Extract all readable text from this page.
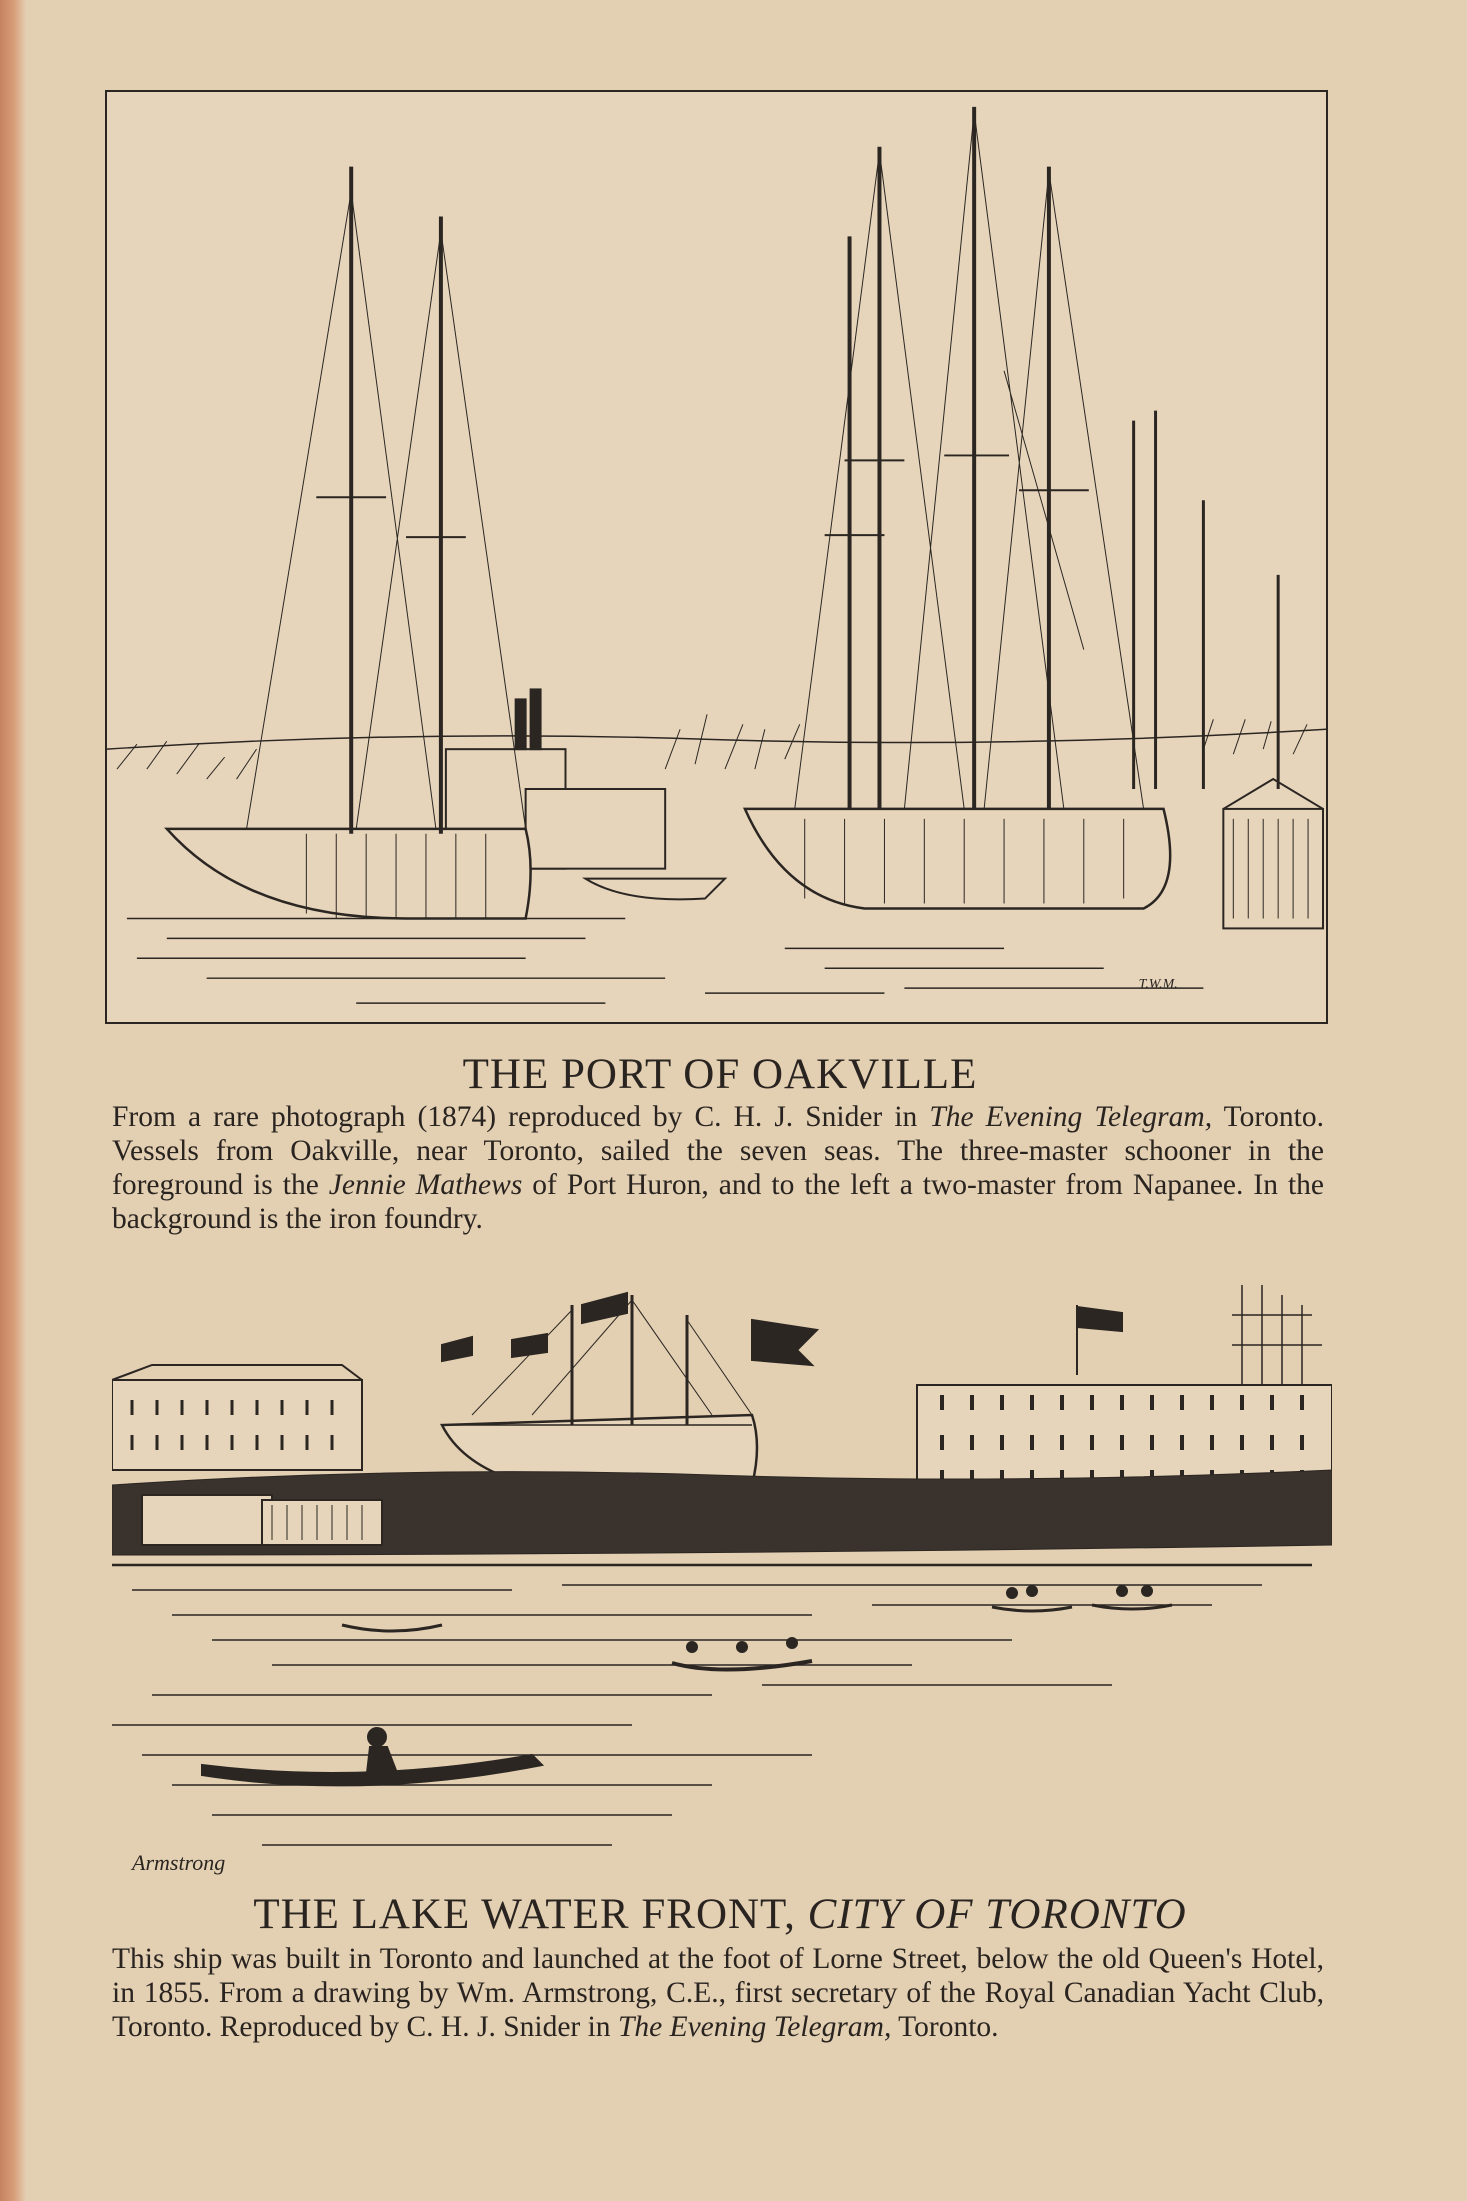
T.W.M.
THE PORT OF OAKVILLE

From a rare photograph (1874) reproduced by C. H. J. Snider in The Evening Telegram, Toronto. Vessels from Oakville, near Toronto, sailed the seven seas. The three-master schooner in the foreground is the Jennie Mathews of Port Huron, and to the left a two-master from Napanee. In the background is the iron foundry.

Armstrong
THE LAKE WATER FRONT, CITY OF TORONTO

This ship was built in Toronto and launched at the foot of Lorne Street, below the old Queen's Hotel, in 1855. From a drawing by Wm. Armstrong, C.E., first secretary of the Royal Canadian Yacht Club, Toronto. Reproduced by C. H. J. Snider in The Evening Telegram, Toronto.
